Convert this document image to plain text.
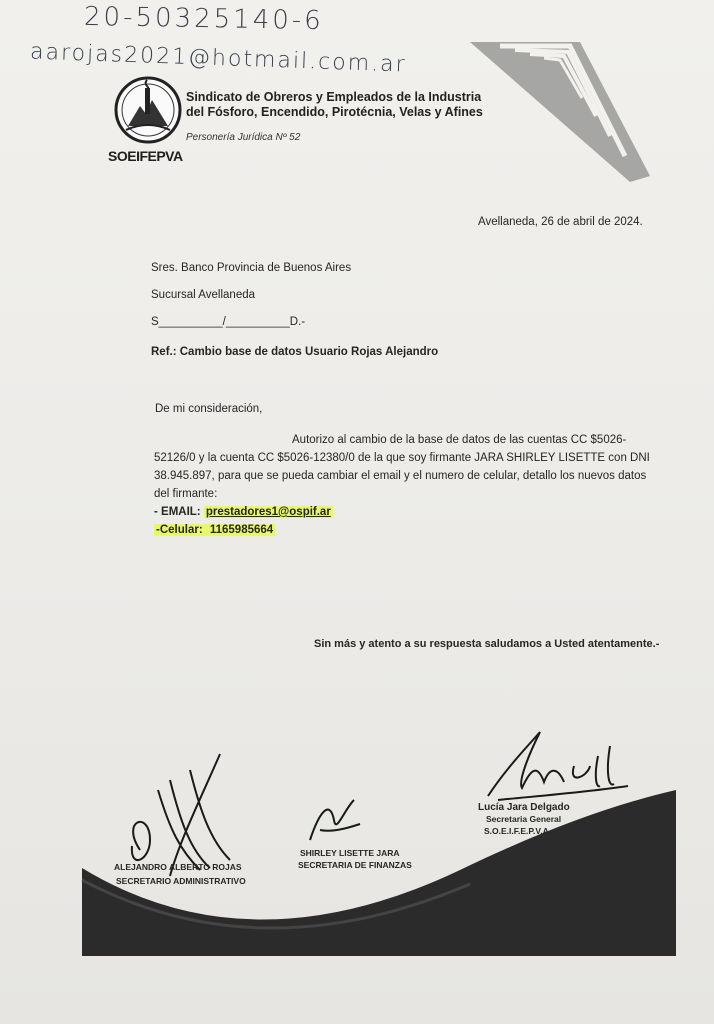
20-50325140-6
aarojas2021@hotmail.com.ar
Sindicato de Obreros y Empleados de la Industria
del Fósforo, Encendido, Pirotécnia, Velas y Afines
Personería Jurídica Nº 52
SOEIFEPVA
Avellaneda, 26 de abril de 2024.
Sres. Banco Provincia de Buenos Aires
Sucursal Avellaneda
S__________/__________D.-
Ref.: Cambio base de datos Usuario Rojas Alejandro
De mi consideración,
Autorizo al cambio de la base de datos de las cuentas CC $5026-
52126/0 y la cuenta CC $5026-12380/0 de la que soy firmante JARA SHIRLEY LISETTE con DNI
38.945.897, para que se pueda cambiar el email y el numero de celular, detallo los nuevos datos
del firmante:
- EMAIL: prestadores1@ospif.ar
-Celular: 1165985664
Sin más y atento a su respuesta saludamos a Usted atentamente.-
ALEJANDRO ALBERTO ROJAS
SECRETARIO ADMINISTRATIVO
SHIRLEY LISETTE JARA
SECRETARIA DE FINANZAS
Lucía Jara Delgado
Secretaria General
S.O.E.I.F.E.P.V.A.
